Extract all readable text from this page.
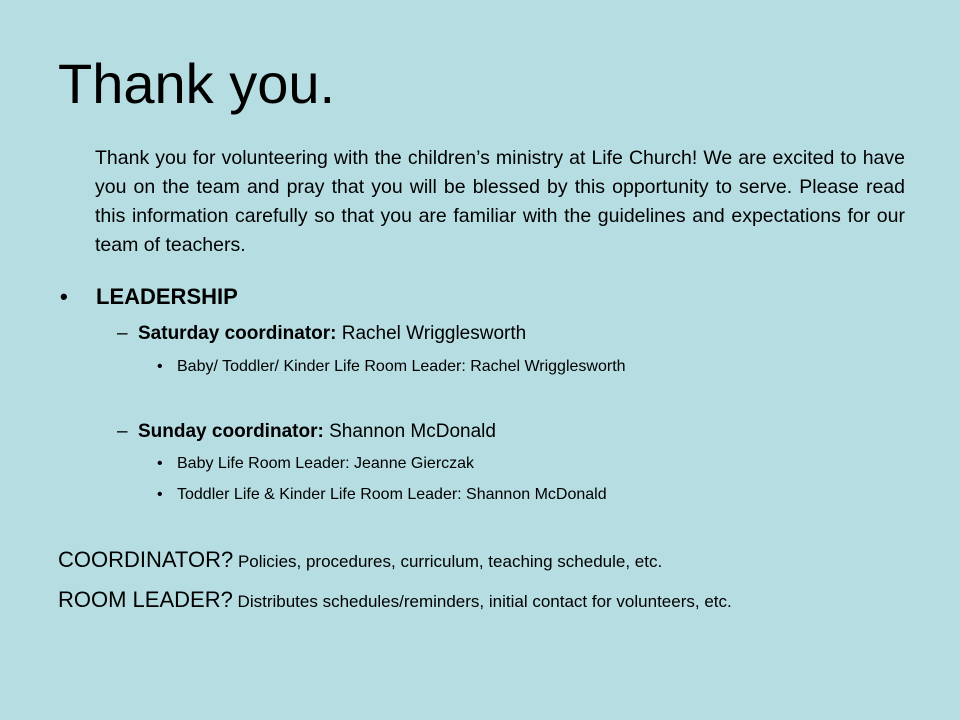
Thank you.

Thank you for volunteering with the children’s ministry at Life Church! We are excited to have you on the team and pray that you will be blessed by this opportunity to serve. Please read this information carefully so that you are familiar with the guidelines and expectations for our team of teachers.

• LEADERSHIP
– Saturday coordinator: Rachel Wrigglesworth
• Baby/ Toddler/ Kinder Life Room Leader: Rachel Wrigglesworth
– Sunday coordinator: Shannon McDonald
• Baby Life Room Leader: Jeanne Gierczak
• Toddler Life & Kinder Life Room Leader: Shannon McDonald
COORDINATOR? Policies, procedures, curriculum, teaching schedule, etc.
ROOM LEADER? Distributes schedules/reminders, initial contact for volunteers, etc.
